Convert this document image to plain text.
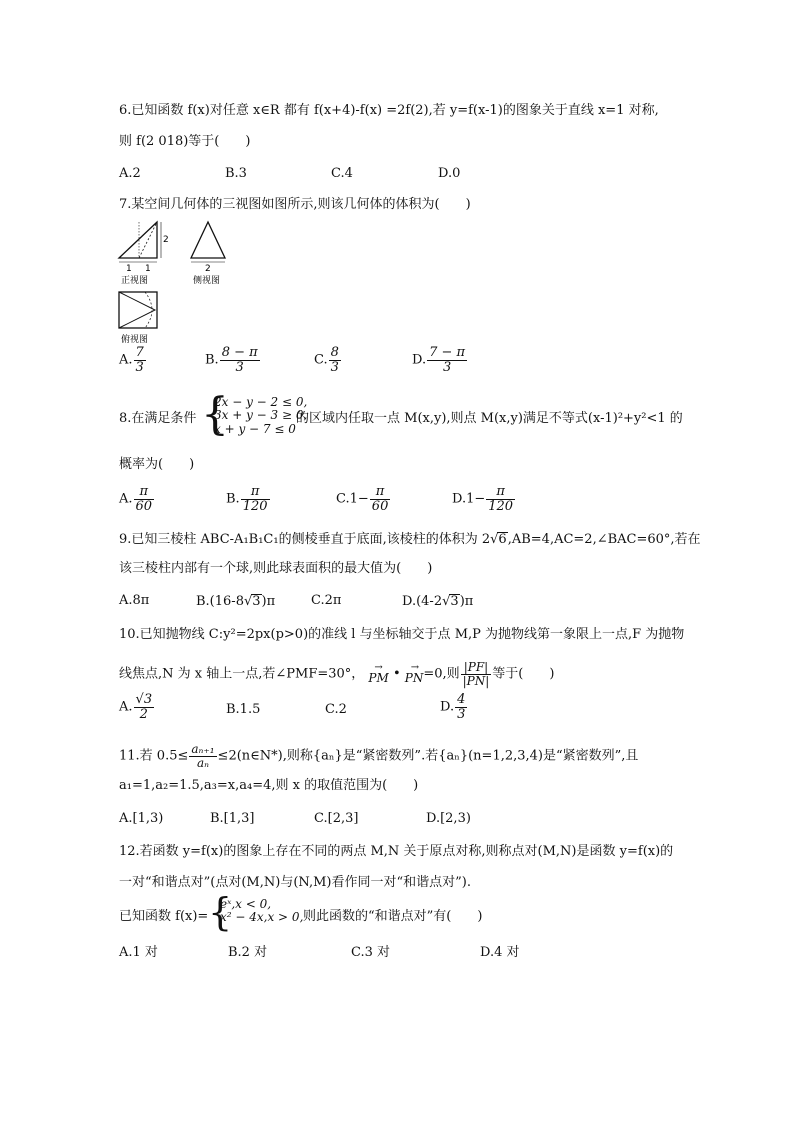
6.已知函数 f(x)对任意 x∈R 都有 f(x+4)-f(x) =2f(2),若 y=f(x-1)的图象关于直线 x=1 对称,
则 f(2 018)等于(　　)
A.2	B.3	C.4	D.0
7.某空间几何体的三视图如图所示,则该几何体的体积为(　　)
2
1 1
正视图
俯视图
2
侧视图
A. $\frac{7}{3}$	B. $\frac{8 - \pi}{3}$	C. $\frac{8}{3}$	D. $\frac{7 - \pi}{3}$
8.在满足条件 {
2x − y − 2 ≤ 0,
3x + y − 3 ≥ 0,
x + y − 7 ≤ 0
的区域内任取一点 M(x,y),则点 M(x,y)满足不等式(x-1)²+y²<1 的
概率为(　　)
A. $\frac{\pi}{60}$	B. $\frac{\pi}{120}$	$C.1- \frac{\pi}{60}$	$D.1- \frac{\pi}{120}$
9.已知三棱柱 ABC-A₁B₁C₁的侧棱垂直于底面,该棱柱的体积为 2√6,AB=4,AC=2,∠BAC=60°,若在
该三棱柱内部有一个球,则此球表面积的最大值为(　　)
A.8π	B.(16-8√3)π	C.2π	D.(4-2√3)π
10.已知抛物线 C:y²=2px(p>0)的准线 l 与坐标轴交于点 M,P 为抛物线第一象限上一点,F 为抛物
线焦点,N 为 x 轴上一点,若∠PMF=30°， →
PM • →
PN=0,则 $\frac{|PF|}{|PN|}$ 等于(　　)
A. $\frac{√3}{2}$	B.1.5	C.2	D. $\frac{4}{3}$
11.若 $0.5\le \frac{\text{aₙ₊₁}}{\text{aₙ}}$ ≤2(n∈N*),则称{aₙ}是“紧密数列”.若{aₙ}(n=1,2,3,4)是“紧密数列”,且
a₁=1,a₂=1.5,a₃=x,a₄=4,则 x 的取值范围为(　　)
A.[1,3)	B.[1,3]	C.[2,3]	D.[2,3)
12.若函数 y=f(x)的图象上存在不同的两点 M,N 关于原点对称,则称点对(M,N)是函数 y=f(x)的
一对“和谐点对”(点对(M,N)与(N,M)看作同一对“和谐点对”).
已知函数 f(x)= {
eˣ,x < 0,
x² − 4x,x > 0, 则此函数的“和谐点对”有(　　)
A.1 对	B.2 对	C.3 对	D.4 对
